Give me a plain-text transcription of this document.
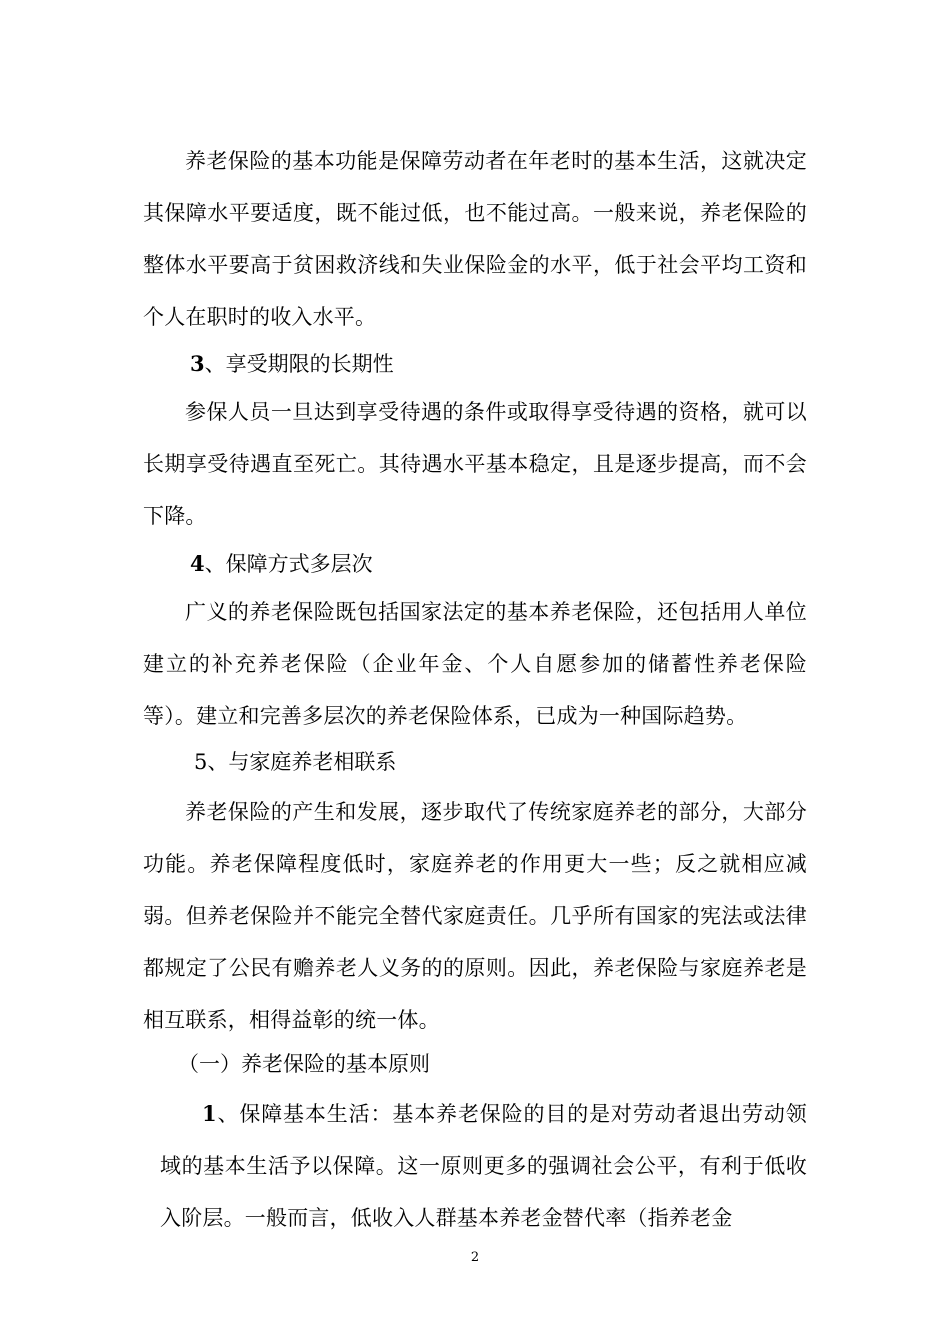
养老保险的基本功能是保障劳动者在年老时的基本生活，这就决定其保障水平要适度，既不能过低，也不能过高。一般来说，养老保险的整体水平要高于贫困救济线和失业保险金的水平，低于社会平均工资和个人在职时的收入水平。

3、享受期限的长期性

参保人员一旦达到享受待遇的条件或取得享受待遇的资格，就可以长期享受待遇直至死亡。其待遇水平基本稳定，且是逐步提高，而不会下降。

4、保障方式多层次

广义的养老保险既包括国家法定的基本养老保险，还包括用人单位建立的补充养老保险（企业年金、个人自愿参加的储蓄性养老保险等）。建立和完善多层次的养老保险体系，已成为一种国际趋势。

5、与家庭养老相联系

养老保险的产生和发展，逐步取代了传统家庭养老的部分，大部分功能。养老保障程度低时，家庭养老的作用更大一些；反之就相应减弱。但养老保险并不能完全替代家庭责任。几乎所有国家的宪法或法律都规定了公民有赡养老人义务的的原则。因此，养老保险与家庭养老是相互联系，相得益彰的统一体。

（一）养老保险的基本原则

1、保障基本生活：基本养老保险的目的是对劳动者退出劳动领域的基本生活予以保障。这一原则更多的强调社会公平，有利于低收入阶层。一般而言，低收入人群基本养老金替代率（指养老金

2
